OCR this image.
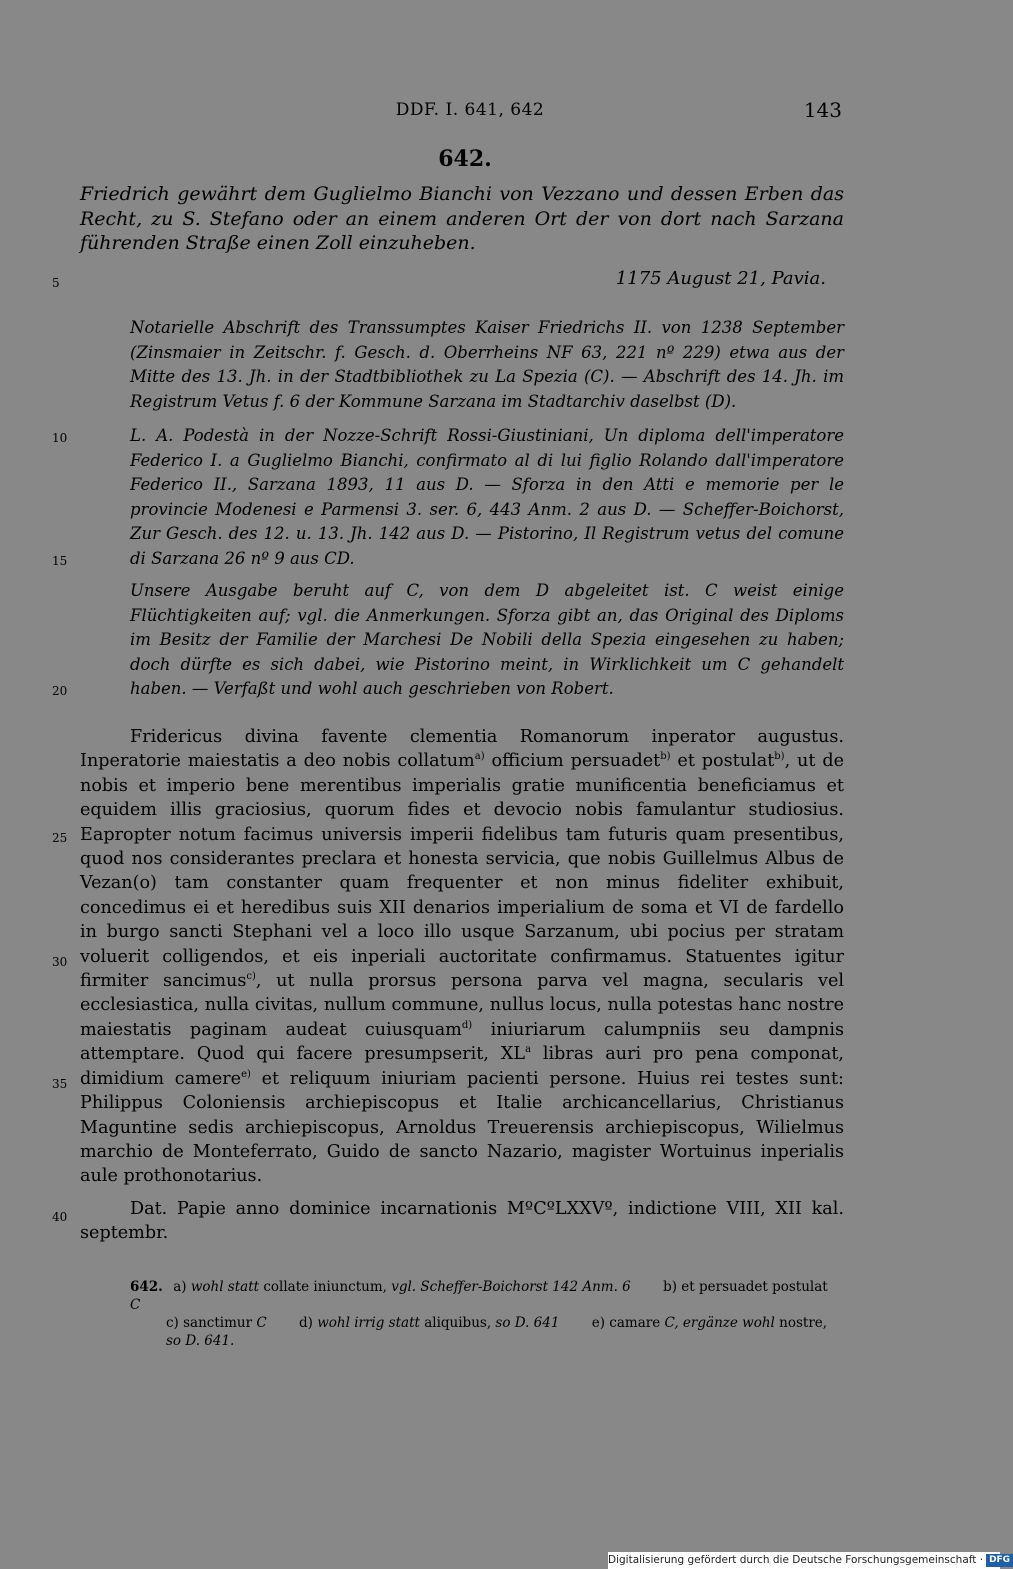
DDF. I. 641, 642	143
642.
Friedrich gewährt dem Guglielmo Bianchi von Vezzano und dessen Erben das Recht, zu S. Stefano oder an einem anderen Ort der von dort nach Sarzana führenden Straße einen Zoll einzuheben.
1175 August 21, Pavia.
5
10
15
20
25
30
35
40

Notarielle Abschrift des Transsumptes Kaiser Friedrichs II. von 1238 September (Zinsmaier in Zeitschr. f. Gesch. d. Oberrheins NF 63, 221 nº 229) etwa aus der Mitte des 13. Jh. in der Stadtbibliothek zu La Spezia (C). — Abschrift des 14. Jh. im Registrum Vetus f. 6 der Kommune Sarzana im Stadtarchiv daselbst (D).

L. A. Podestà in der Nozze-Schrift Rossi-Giustiniani, Un diploma dell'imperatore Federico I. a Guglielmo Bianchi, confirmato al di lui figlio Rolando dall'imperatore Federico II., Sarzana 1893, 11 aus D. — Sforza in den Atti e memorie per le provincie Modenesi e Parmensi 3. ser. 6, 443 Anm. 2 aus D. — Scheffer-Boichorst, Zur Gesch. des 12. u. 13. Jh. 142 aus D. — Pistorino, Il Registrum vetus del comune di Sarzana 26 nº 9 aus CD.

Unsere Ausgabe beruht auf C, von dem D abgeleitet ist. C weist einige Flüchtigkeiten auf; vgl. die Anmerkungen. Sforza gibt an, das Original des Diploms im Besitz der Familie der Marchesi De Nobili della Spezia eingesehen zu haben; doch dürfte es sich dabei, wie Pistorino meint, in Wirklichkeit um C gehandelt haben. — Verfaßt und wohl auch geschrieben von Robert.

Fridericus divina favente clementia Romanorum inperator augustus. Inperatorie maiestatis a deo nobis collatum$^{a)}$ officium persuadet$^{b)}$ et postulat$^{b)}$, ut de nobis et imperio bene merentibus imperialis gratie munificentia beneficiamus et equidem illis graciosius, quorum fides et devocio nobis famulantur studiosius. Eapropter notum facimus universis imperii fidelibus tam futuris quam presentibus, quod nos considerantes preclara et honesta servicia, que nobis Guillelmus Albus de Vezan(o) tam constanter quam frequenter et non minus fideliter exhibuit, concedimus ei et heredibus suis XII denarios imperialium de soma et VI de fardello in burgo sancti Stephani vel a loco illo usque Sarzanum, ubi pocius per stratam voluerit colligendos, et eis inperiali auctoritate confirmamus. Statuentes igitur firmiter sancimus$^{c)}$, ut nulla prorsus persona parva vel magna, secularis vel ecclesiastica, nulla civitas, nullum commune, nullus locus, nulla potestas hanc nostre maiestatis paginam audeat cuiusquam$^{d)}$ iniuriarum calumpniis seu dampnis attemptare. Quod qui facere presumpserit, $XL^a$ libras auri pro pena componat, dimidium camere$^{e)}$ et reliquum iniuriam pacienti persone. Huius rei testes sunt: Philippus Coloniensis archiepiscopus et Italie archicancellarius, Christianus Maguntine sedis archiepiscopus, Arnoldus Treuerensis archiepiscopus, Wilielmus marchio de Monteferrato, Guido de sancto Nazario, magister Wortuinus inperialis aule prothonotarius.

Dat. Papie anno dominice incarnationis MºCºLXXVº, indictione VIII, XII kal. septembr.

642. a) wohl statt collate iniunctum, vgl. Scheffer-Boichorst 142 Anm. 6 b) et persuadet postulat C
c) sanctimur C d) wohl irrig statt aliquibus, so D. 641 e) camare C, ergänze wohl nostre,
so D. 641.
Digitalisierung gefördert durch die Deutsche Forschungsgemeinschaft · DFG
